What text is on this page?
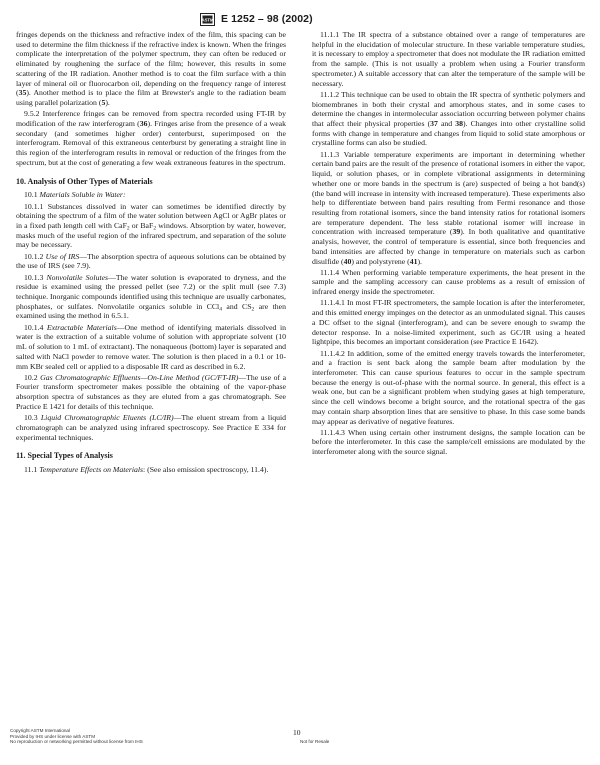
ASTM E 1252 – 98 (2002)

fringes depends on the thickness and refractive index of the film, this spacing can be used to determine the film thickness if the refractive index is known. When the fringes complicate the interpretation of the polymer spectrum, they can often be reduced or eliminated by roughening the surface of the film; however, this results in some scattering of the IR radiation. Another method is to coat the film surface with a thin layer of mineral oil or fluorocarbon oil, depending on the frequency range of interest (35). Another method is to place the film at Brewster's angle to the radiation beam using parallel polarization (5).

9.5.2 Interference fringes can be removed from spectra recorded using FT-IR by modification of the raw interferogram (36). Fringes arise from the presence of a weak secondary (and sometimes higher order) centerburst, superimposed on the interferogram. Removal of this extraneous centerburst by generating a straight line in this region of the interferogram results in removal or reduction of the fringes from the spectrum, but at the cost of generating a few weak extraneous features in the spectrum.

10. Analysis of Other Types of Materials

10.1 Materials Soluble in Water:

10.1.1 Substances dissolved in water can sometimes be identified directly by obtaining the spectrum of a film of the water solution between AgCl or AgBr plates or in a fixed path length cell with CaF$_2$ or BaF$_2$ windows. Absorption by water, however, masks much of the useful region of the infrared spectrum, and separation of the solute may be necessary.

10.1.2 Use of IRS—The absorption spectra of aqueous solutions can be obtained by the use of IRS (see 7.9).

10.1.3 Nonvolatile Solutes—The water solution is evaporated to dryness, and the residue is examined using the pressed pellet (see 7.2) or the split mull (see 7.3) technique. Inorganic compounds identified using this technique are usually carbonates, phosphates, or sulfates. Nonvolatile organics soluble in CCl$_4$ and $CS_2$ are then examined using the method in 6.5.1.

10.1.4 Extractable Materials—One method of identifying materials dissolved in water is the extraction of a suitable volume of solution with appropriate solvent (10 mL of solution to 1 mL of extractant). The nonaqueous (bottom) layer is separated and salted with NaCl powder to remove water. The solution is then placed in a 0.1 or 10-mm KBr sealed cell or applied to a disposable IR card as described in 6.2.

10.2 Gas Chromatographic Effluents—On-Line Method (GC/FT-IR)—The use of a Fourier transform spectrometer makes possible the obtaining of the vapor-phase absorption spectra of substances as they are eluted from a gas chromatograph. See Practice E 1421 for details of this technique.

10.3 Liquid Chromatographic Eluents (LC/IR)—The eluent stream from a liquid chromatograph can be analyzed using infrared spectroscopy. See Practice E 334 for experimental techniques.

11. Special Types of Analysis

11.1 Temperature Effects on Materials: (See also emission spectroscopy, 11.4).

11.1.1 The IR spectra of a substance obtained over a range of temperatures are helpful in the elucidation of molecular structure. In these variable temperature studies, it is necessary to employ a spectrometer that does not modulate the IR radiation emitted from the sample. (This is not usually a problem when using a Fourier transform spectrometer.) A suitable accessory that can alter the temperature of the sample will be necessary.

11.1.2 This technique can be used to obtain the IR spectra of synthetic polymers and biomembranes in both their crystal and amorphous states, and in some cases to determine the changes in intermolecular association occurring between polymer chains that affect their physical properties (37 and 38). Changes into other crystalline solid forms with change in temperature and changes from liquid to solid state amorphous or crystalline forms can also be studied.

11.1.3 Variable temperature experiments are important in determining whether certain band pairs are the result of the presence of rotational isomers in either the vapor, liquid, or solution phases, or in complete vibrational assignments in determining whether one or more bands in the spectrum is (are) suspected of being a hot band(s) (the band will increase in intensity with increased temperature). These experiments also help to differentiate between band pairs resulting from Fermi resonance and those resulting from rotational isomers, since the band intensity ratios for rotational isomers are temperature dependent. The less stable rotational isomer will increase in concentration with increased temperature (39). In both qualitative and quantitative analysis, however, the control of temperature is essential, since both frequencies and band intensities are affected by change in temperature on materials such as carbon disulfide (40) and polystyrene (41).

11.1.4 When performing variable temperature experiments, the heat present in the sample and the sampling accessory can cause problems as a result of emission of infrared energy inside the spectrometer.

11.1.4.1 In most FT-IR spectrometers, the sample location is after the interferometer, and this emitted energy impinges on the detector as an unmodulated signal. This causes a DC offset to the signal (interferogram), and can be severe enough to swamp the detector response. In a noise-limited experiment, such as GC/IR using a heated lightpipe, this becomes an important consideration (see Practice E 1642).

11.1.4.2 In addition, some of the emitted energy travels towards the interferometer, and a fraction is sent back along the sample beam after modulation by the interferometer. This can cause spurious features to occur in the sample spectrum because the energy is out-of-phase with the normal source. In general, this effect is a weak one, but can be a significant problem when studying gases at high temperature, since the cell windows become a bright source, and the rotational spectra of the gas may contain sharp absorption lines that are sensitive to phase. In this case some bands may appear as derivative of negative features.

11.1.4.3 When using certain other instrument designs, the sample location can be before the interferometer. In this case the sample/cell emissions are modulated by the interferometer along with the source signal.

10
Copyright ASTM International
Provided by IHS under license with ASTM
No reproduction or networking permitted without license from IHS	Not for Resale
